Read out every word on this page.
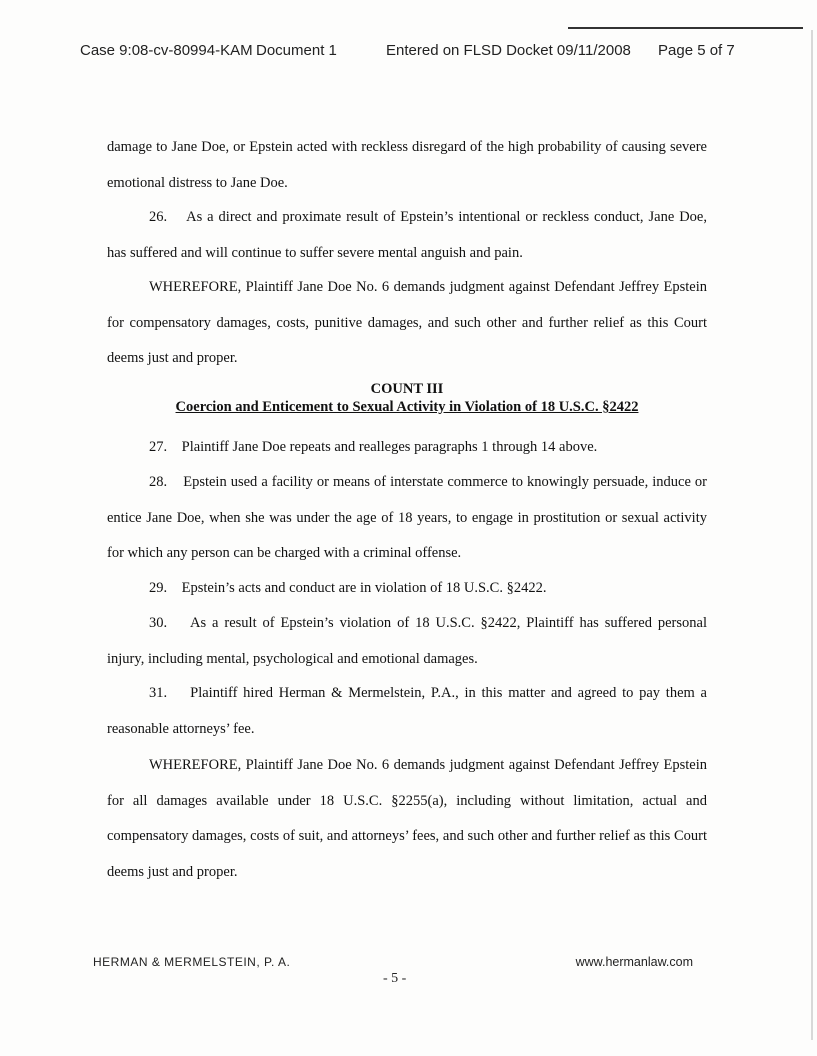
Case 9:08-cv-80994-KAM Document 1	Entered on FLSD Docket 09/11/2008 Page 5 of 7
damage to Jane Doe, or Epstein acted with reckless disregard of the high probability of causing severe emotional distress to Jane Doe.
26.    As a direct and proximate result of Epstein’s intentional or reckless conduct, Jane Doe, has suffered and will continue to suffer severe mental anguish and pain.
WHEREFORE, Plaintiff Jane Doe No. 6 demands judgment against Defendant Jeffrey Epstein for compensatory damages, costs, punitive damages, and such other and further relief as this Court deems just and proper.
COUNT III
Coercion and Enticement to Sexual Activity in Violation of 18 U.S.C. §2422
27.    Plaintiff Jane Doe repeats and realleges paragraphs 1 through 14 above.
28.    Epstein used a facility or means of interstate commerce to knowingly persuade, induce or entice Jane Doe, when she was under the age of 18 years, to engage in prostitution or sexual activity for which any person can be charged with a criminal offense.
29.    Epstein’s acts and conduct are in violation of 18 U.S.C. §2422.
30.    As a result of Epstein’s violation of 18 U.S.C. §2422, Plaintiff has suffered personal injury, including mental, psychological and emotional damages.
31.    Plaintiff hired Herman & Mermelstein, P.A., in this matter and agreed to pay them a reasonable attorneys’ fee.
WHEREFORE, Plaintiff Jane Doe No. 6 demands judgment against Defendant Jeffrey Epstein for all damages available under 18 U.S.C. §2255(a), including without limitation, actual and compensatory damages, costs of suit, and attorneys’ fees, and such other and further relief as this Court deems just and proper.
HERMAN & MERMELSTEIN, P. A.
- 5 -
www.hermanlaw.com
